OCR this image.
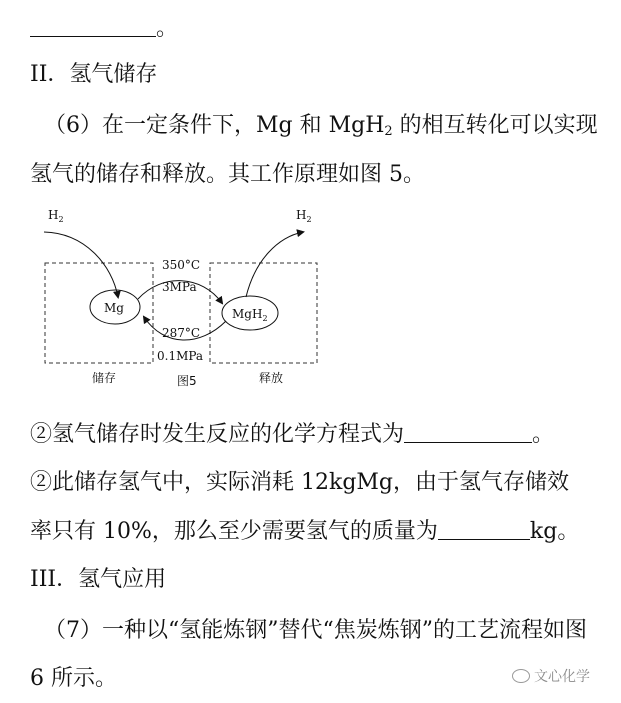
。
II．氢气储存
（6）在一定条件下，Mg 和 MgH$_2$ 的相互转化可以实现
氢气的储存和释放。其工作原理如图 5。
$H_2$	$H_2$
Mg	MgH$_2$
350°C
3MPa
287°C
0.1MPa
储存	图5	释放
②氢气储存时发生反应的化学方程式为	。
②此储存氢气中，实际消耗 12kgMg，由于氢气存储效
率只有 10%，那么至少需要氢气的质量为	kg。
III．氢气应用
（7）一种以“氢能炼钢”替代“焦炭炼钢”的工艺流程如图
6 所示。	文心化学
